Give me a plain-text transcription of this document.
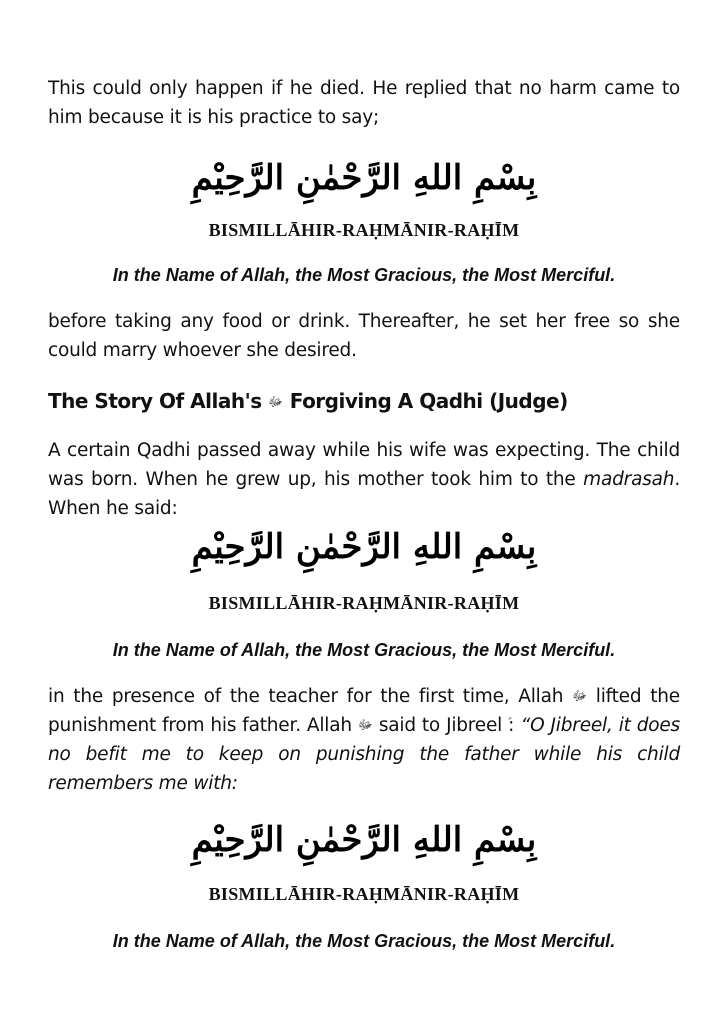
This could only happen if he died. He replied that no harm came to him because it is his practice to say;
بِسْمِ اللهِ الرَّحْمٰنِ الرَّحِيْمِ
BISMILLĀHIR-RAḤMĀNIR-RAḤĪM
In the Name of Allah, the Most Gracious, the Most Merciful.
before taking any food or drink. Thereafter, he set her free so she could marry whoever she desired.
The Story Of Allah's ﷻ Forgiving A Qadhi (Judge)
A certain Qadhi passed away while his wife was expecting. The child was born. When he grew up, his mother took him to the madrasah. When he said:
بِسْمِ اللهِ الرَّحْمٰنِ الرَّحِيْمِ
BISMILLĀHIR-RAḤMĀNIR-RAḤĪM
In the Name of Allah, the Most Gracious, the Most Merciful.
in the presence of the teacher for the first time, Allah ﷻ lifted the punishment from his father. Allah ﷻ said to Jibreel : “O Jibreel, it does no befit me to keep on punishing the father while his child remembers me with:
بِسْمِ اللهِ الرَّحْمٰنِ الرَّحِيْمِ
BISMILLĀHIR-RAḤMĀNIR-RAḤĪM
In the Name of Allah, the Most Gracious, the Most Merciful.
